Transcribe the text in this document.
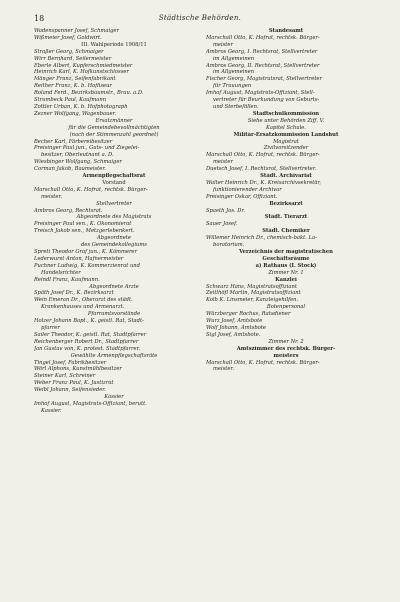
18	Städtische Behörden.
Wadenspanner Josef, Schmaiger
Wißmeier Josef, Goldwirt.
III. Wahlperiode 1908/11
Straßer Georg, Schmaiger
Wirr Bernhard, Seilermeister
Eberle Albert, Kupferschmiedmeister
Heinrich Karl, K. Hofkunstschlosser
Mänger Franz, Seifenfabrikant
Reither Franz, K. b. Hofliseur
Roland Ferd., Bezirksbaumstr., Brau. a.D.
Strumbeck Paul, Kaufmann
Zottler Urban, K. b. Hofphotograph
Zezner Wolfgang, Wagenbauer.
Ersatzmänner
für die Gemeindebevollmächtigten
(nach der Stimmenzahl geordnet)
Becher Karl, Färbereibesitzer
Preisinger Paul jun., Guts- und Ziegelei-
besitzer, Oberleutnant a. D.
Wiesbinger Wolfgang, Schmaiger
Corman Jakob, Baumeister.
Armenpflegschaftsrat
Vorstand
Marschall Otto, K. Hofrat, rechtsk. Bürger-
meister.
Stellvertreter
Ambros Georg, Rechtsrat.
Abgeordnete des Magistrats
Preisinger Paul sen., K. Ökonomierat
Treisch Jakob sen., Metzgerlebenkert.
Abgeordnete
des Gemeindekollegiums
Spreti Theodor Graf jun., K. Kämmerer
Lederwurst Anton, Hafnermeister
Puchner Ludwig, K. Kommerzienrat und
Handelsrichter
Reindl Franz, Kaufmann.
Abgeordnete Ärzte
Späth Josef Dr., K. Bezirksarzt
Wein Emeran Dr., Oberarzt des städt.
Krankenhauses und Armenarzt.
Pfarramtsvorstände
Holzer Johann Bapt., K. geistl. Rat, Stadt-
pfarrer
Sailer Theodor, K. geistl. Rat, Stadtpfarrer
Reichenberger Robert Dr., Stadtpfarrer
Jan Gustav von, K. protest. Stadtpfarrer.
Gewählte Armenpflegschaftsräte
Tingel Josef, Fabrikbesitzer
Wörl Alphons, Kunstmühlbesitzer
Steiner Karl, Schreiner
Weber Franz Paul, K. Justizrat
Weibl Johann, Seifensieder.
Kassier
Imhof August, Magistrats-Offiziant, berutt.
Kassier.
Standesamt
Marschall Otto, K. Hofrat, rechtsk. Bürger-
meister
Ambros Georg, I. Rechtsrat, Stellvertreter
im Allgemeinen
Ambros Georg, II. Rechtsrat, Stellvertreter
im Allgemeinen
Fischer Georg, Magistratsrat, Stellvertreter
für Trauungen
Imhof August, Magistrats-Offiziant, Stell-
vertreter für Beurkundung von Geburts-
und Sterbefällen.
Stadtschulkommission
Siehe unter Behörden Ziff. V.
Kapitel Schule.
Militär-Ersatzkommission Landshut
Magistrat
Zivilvorsitzender
Marschall Otto, K. Hofrat, rechtsk. Bürger-
meister
Duetsch Josef, I. Rechtsrat, Stellvertreter.
Städt. Archivariat
Walter Heinrich Dr., K. Kreisarchivsekretär,
funktionierender Archivar
Preisinger Oskar, Offiziant.
Bezirksarzt
Spaeth Jos. Dr.
Städt. Tierarzt
Sauer Josef.
Städt. Chemiker
Willemer Heinrich Dr., chemisch-bakt. La-
boratorium.
Verzeichnis der magistratischen
Geschäftsräume
a) Rathaus (I. Stock)
Zimmer Nr. 1
Kanzlei
Schwarz Hans, Magistratsoffiziant
Zeitlhöfl Martin, Magistratsoffiziant
Kolb K. Linsmeier, Kanzleigehilfen.
Botenpersonal
Würzberger Rochus, Ratsdiener
Wurz Josef, Amtsbote
Wolf Johann, Amtsbote
Sigl Josef, Amtsbote.
Zimmer Nr. 2
Amtszimmer des rechtsk. Bürger-
meisters
Marschall Otto, K. Hofrat, rechtsk. Bürger-
meister.
